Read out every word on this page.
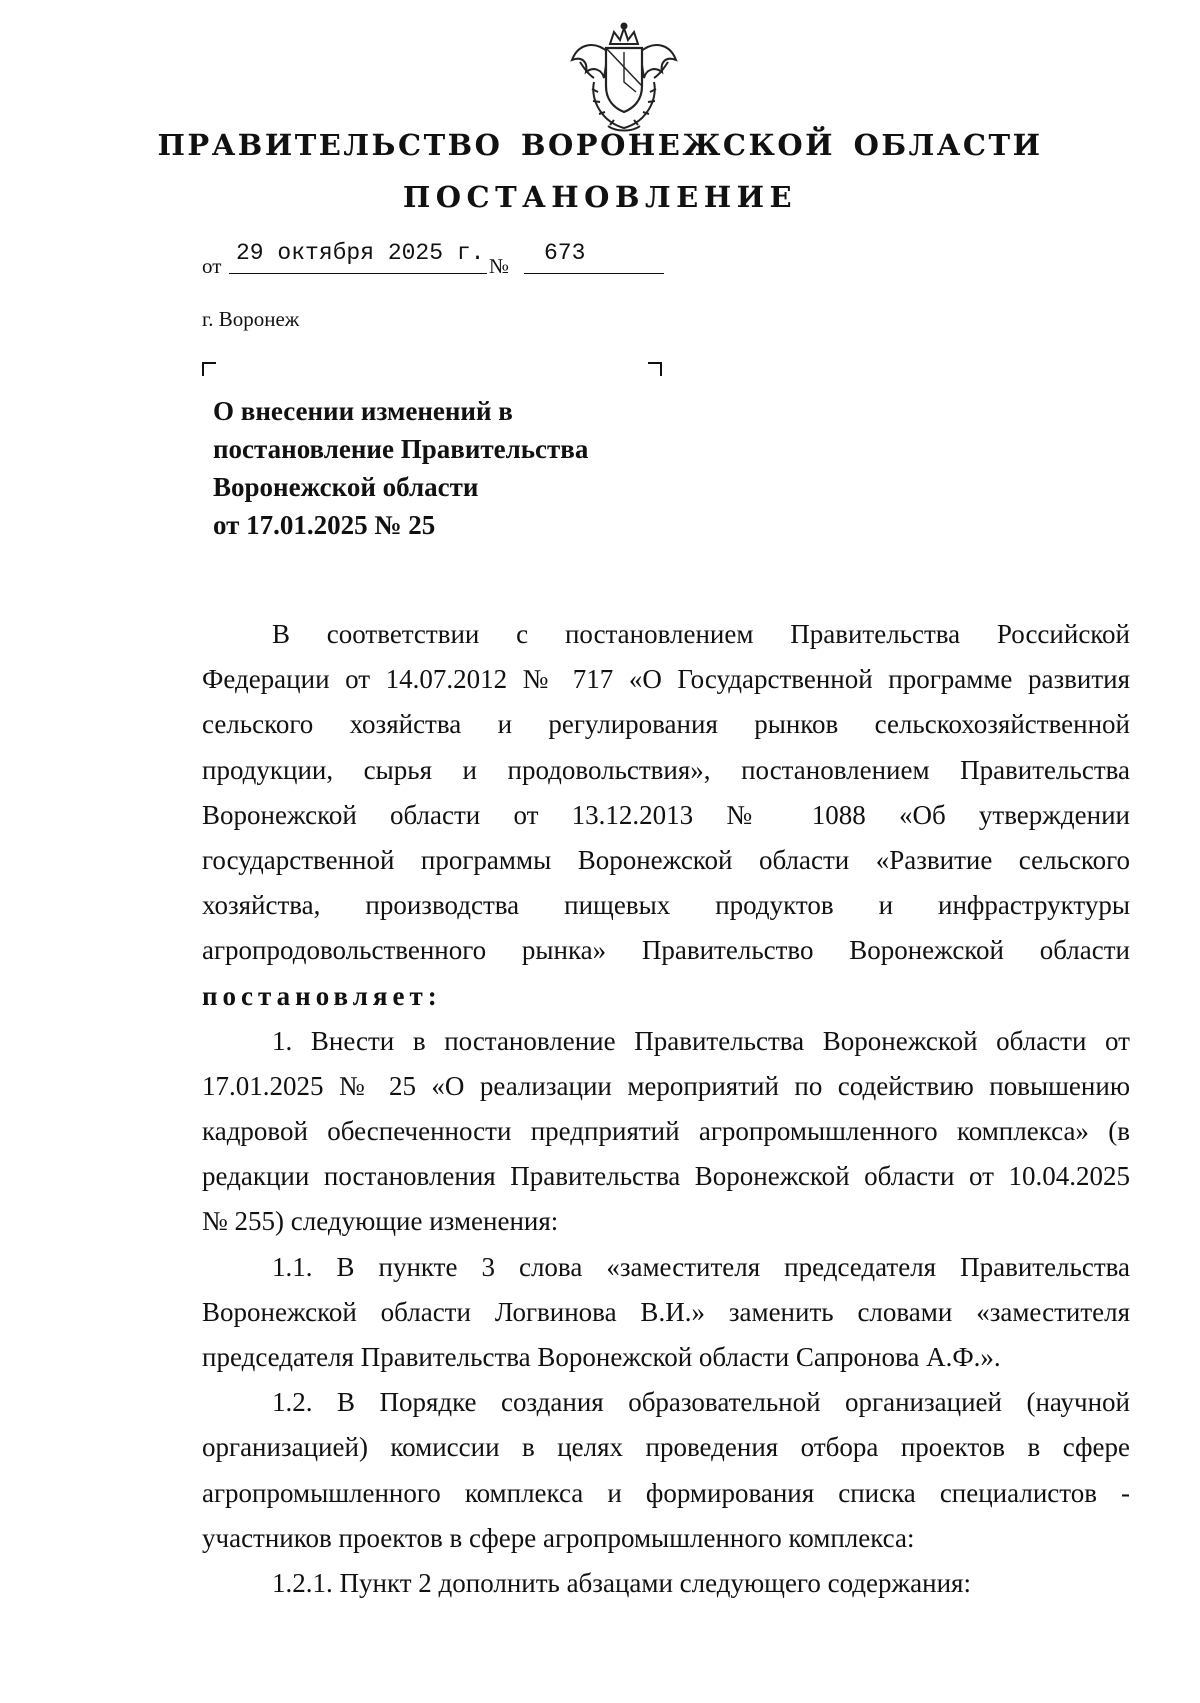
ПРАВИТЕЛЬСТВО ВОРОНЕЖСКОЙ ОБЛАСТИ
ПОСТАНОВЛЕНИЕ
от 29 октября 2025 г. № 673
г. Воронеж
О внесении изменений в
постановление Правительства
Воронежской области
от 17.01.2025 № 25
В соответствии с постановлением Правительства Российской
Федерации от 14.07.2012 № 717 «О Государственной программе развития
сельского хозяйства и регулирования рынков сельскохозяйственной
продукции, сырья и продовольствия», постановлением Правительства
Воронежской области от 13.12.2013 № 1088 «Об утверждении
государственной программы Воронежской области «Развитие сельского
хозяйства, производства пищевых продуктов и инфраструктуры
агропродовольственного рынка» Правительство Воронежской области
постановляет:
1. Внести в постановление Правительства Воронежской области от
17.01.2025 № 25 «О реализации мероприятий по содействию повышению
кадровой обеспеченности предприятий агропромышленного комплекса» (в
редакции постановления Правительства Воронежской области от 10.04.2025
№ 255) следующие изменения:
1.1. В пункте 3 слова «заместителя председателя Правительства
Воронежской области Логвинова В.И.» заменить словами «заместителя
председателя Правительства Воронежской области Сапронова А.Ф.».
1.2. В Порядке создания образовательной организацией (научной
организацией) комиссии в целях проведения отбора проектов в сфере
агропромышленного комплекса и формирования списка специалистов -
участников проектов в сфере агропромышленного комплекса:
1.2.1. Пункт 2 дополнить абзацами следующего содержания:
